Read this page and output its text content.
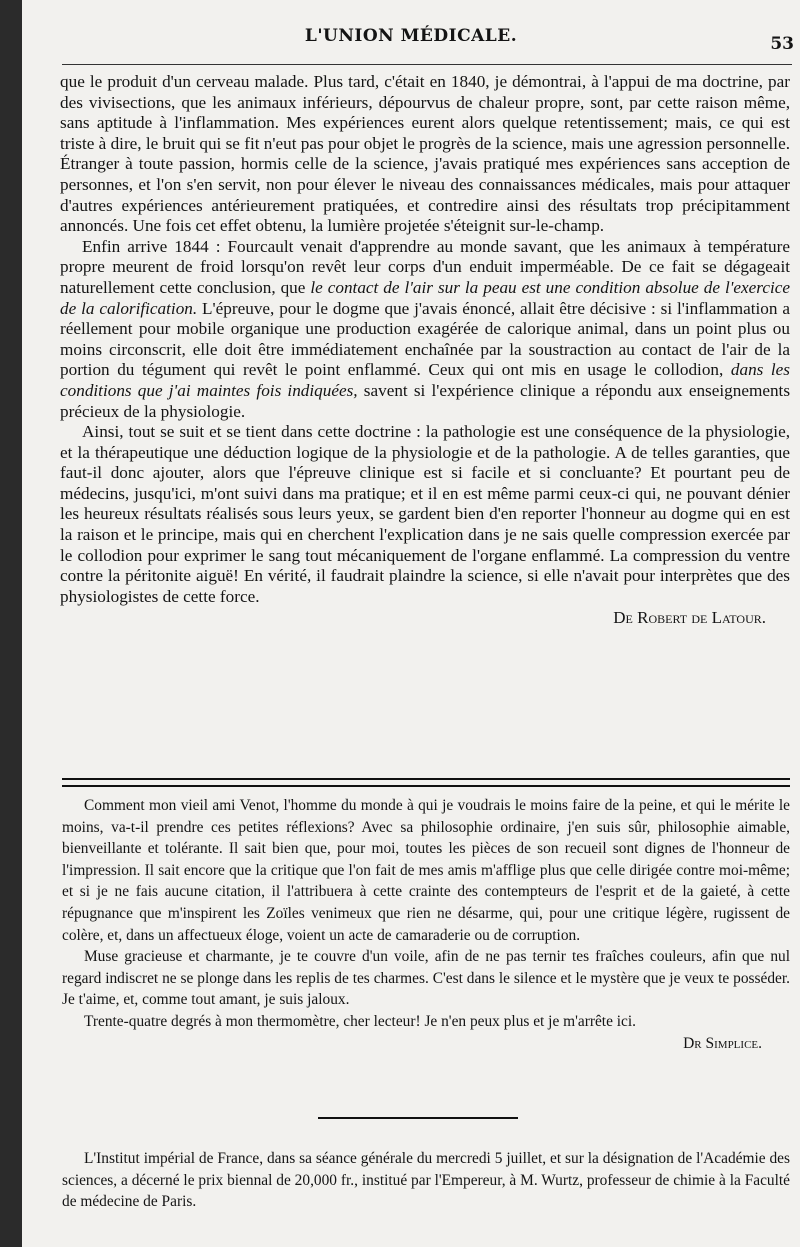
L'UNION MÉDICALE.	53

que le produit d'un cerveau malade. Plus tard, c'était en 1840, je démontrai, à l'appui de ma doctrine, par des vivisections, que les animaux inférieurs, dépourvus de chaleur propre, sont, par cette raison même, sans aptitude à l'inflammation. Mes expériences eurent alors quelque retentissement; mais, ce qui est triste à dire, le bruit qui se fit n'eut pas pour objet le progrès de la science, mais une agression personnelle. Étranger à toute passion, hormis celle de la science, j'avais pratiqué mes expériences sans acception de personnes, et l'on s'en servit, non pour élever le niveau des connaissances médicales, mais pour attaquer d'autres expériences antérieurement pratiquées, et contredire ainsi des résultats trop précipitamment annoncés. Une fois cet effet obtenu, la lumière projetée s'éteignit sur-le-champ.

Enfin arrive 1844 : Fourcault venait d'apprendre au monde savant, que les animaux à température propre meurent de froid lorsqu'on revêt leur corps d'un enduit imperméable. De ce fait se dégageait naturellement cette conclusion, que le contact de l'air sur la peau est une condition absolue de l'exercice de la calorification. L'épreuve, pour le dogme que j'avais énoncé, allait être décisive : si l'inflammation a réellement pour mobile organique une production exagérée de calorique animal, dans un point plus ou moins circonscrit, elle doit être immédiatement enchaînée par la soustraction au contact de l'air de la portion du tégument qui revêt le point enflammé. Ceux qui ont mis en usage le collodion, dans les conditions que j'ai maintes fois indiquées, savent si l'expérience clinique a répondu aux enseignements précieux de la physiologie.

Ainsi, tout se suit et se tient dans cette doctrine : la pathologie est une conséquence de la physiologie, et la thérapeutique une déduction logique de la physiologie et de la pathologie. A de telles garanties, que faut-il donc ajouter, alors que l'épreuve clinique est si facile et si concluante? Et pourtant peu de médecins, jusqu'ici, m'ont suivi dans ma pratique; et il en est même parmi ceux-ci qui, ne pouvant dénier les heureux résultats réalisés sous leurs yeux, se gardent bien d'en reporter l'honneur au dogme qui en est la raison et le principe, mais qui en cherchent l'explication dans je ne sais quelle compression exercée par le collodion pour exprimer le sang tout mécaniquement de l'organe enflammé. La compression du ventre contre la péritonite aiguë! En vérité, il faudrait plaindre la science, si elle n'avait pour interprètes que des physiologistes de cette force.

De Robert de Latour.

Comment mon vieil ami Venot, l'homme du monde à qui je voudrais le moins faire de la peine, et qui le mérite le moins, va-t-il prendre ces petites réflexions? Avec sa philosophie ordinaire, j'en suis sûr, philosophie aimable, bienveillante et tolérante. Il sait bien que, pour moi, toutes les pièces de son recueil sont dignes de l'honneur de l'impression. Il sait encore que la critique que l'on fait de mes amis m'afflige plus que celle dirigée contre moi-même; et si je ne fais aucune citation, il l'attribuera à cette crainte des contempteurs de l'esprit et de la gaieté, à cette répugnance que m'inspirent les Zoïles venimeux que rien ne désarme, qui, pour une critique légère, rugissent de colère, et, dans un affectueux éloge, voient un acte de camaraderie ou de corruption.

Muse gracieuse et charmante, je te couvre d'un voile, afin de ne pas ternir tes fraîches couleurs, afin que nul regard indiscret ne se plonge dans les replis de tes charmes. C'est dans le silence et le mystère que je veux te posséder. Je t'aime, et, comme tout amant, je suis jaloux.

Trente-quatre degrés à mon thermomètre, cher lecteur! Je n'en peux plus et je m'arrête ici.

Dr Simplice.

L'Institut impérial de France, dans sa séance générale du mercredi 5 juillet, et sur la désignation de l'Académie des sciences, a décerné le prix biennal de 20,000 fr., institué par l'Empereur, à M. Wurtz, professeur de chimie à la Faculté de médecine de Paris.
